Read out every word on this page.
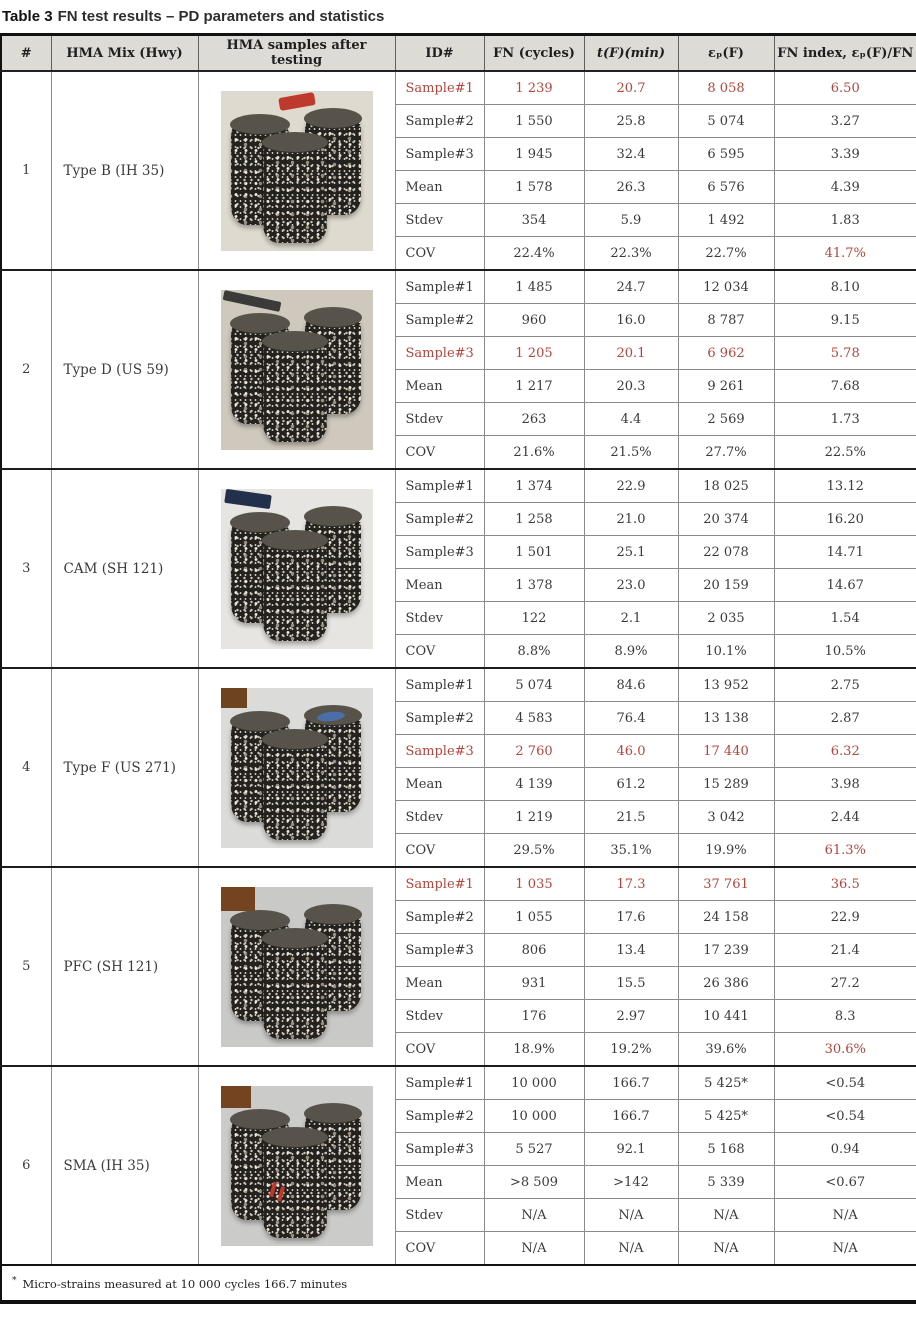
Table 3 FN test results – PD parameters and statistics
#	HMA Mix (Hwy)	HMA samples after testing	ID#	FN (cycles)	t(F)(min)	εₚ(F)	FN index, εₚ(F)/FN
1	Type B (IH 35)		Sample#1	1 239	20.7	8 058	6.50
			Sample#2	1 550	25.8	5 074	3.27
			Sample#3	1 945	32.4	6 595	3.39
			Mean	1 578	26.3	6 576	4.39
			Stdev	354	5.9	1 492	1.83
			COV	22.4%	22.3%	22.7%	41.7%
2	Type D (US 59)		Sample#1	1 485	24.7	12 034	8.10
			Sample#2	960	16.0	8 787	9.15
			Sample#3	1 205	20.1	6 962	5.78
			Mean	1 217	20.3	9 261	7.68
			Stdev	263	4.4	2 569	1.73
			COV	21.6%	21.5%	27.7%	22.5%
3	CAM (SH 121)		Sample#1	1 374	22.9	18 025	13.12
			Sample#2	1 258	21.0	20 374	16.20
			Sample#3	1 501	25.1	22 078	14.71
			Mean	1 378	23.0	20 159	14.67
			Stdev	122	2.1	2 035	1.54
			COV	8.8%	8.9%	10.1%	10.5%
4	Type F (US 271)		Sample#1	5 074	84.6	13 952	2.75
			Sample#2	4 583	76.4	13 138	2.87
			Sample#3	2 760	46.0	17 440	6.32
			Mean	4 139	61.2	15 289	3.98
			Stdev	1 219	21.5	3 042	2.44
			COV	29.5%	35.1%	19.9%	61.3%
5	PFC (SH 121)		Sample#1	1 035	17.3	37 761	36.5
			Sample#2	1 055	17.6	24 158	22.9
			Sample#3	806	13.4	17 239	21.4
			Mean	931	15.5	26 386	27.2
			Stdev	176	2.97	10 441	8.3
			COV	18.9%	19.2%	39.6%	30.6%
6	SMA (IH 35)		Sample#1	10 000	166.7	5 425*	<0.54
			Sample#2	10 000	166.7	5 425*	<0.54
			Sample#3	5 527	92.1	5 168	0.94
			Mean	>8 509	>142	5 339	<0.67
			Stdev	N/A	N/A	N/A	N/A
			COV	N/A	N/A	N/A	N/A
* Micro-strains measured at 10 000 cycles 166.7 minutes							
